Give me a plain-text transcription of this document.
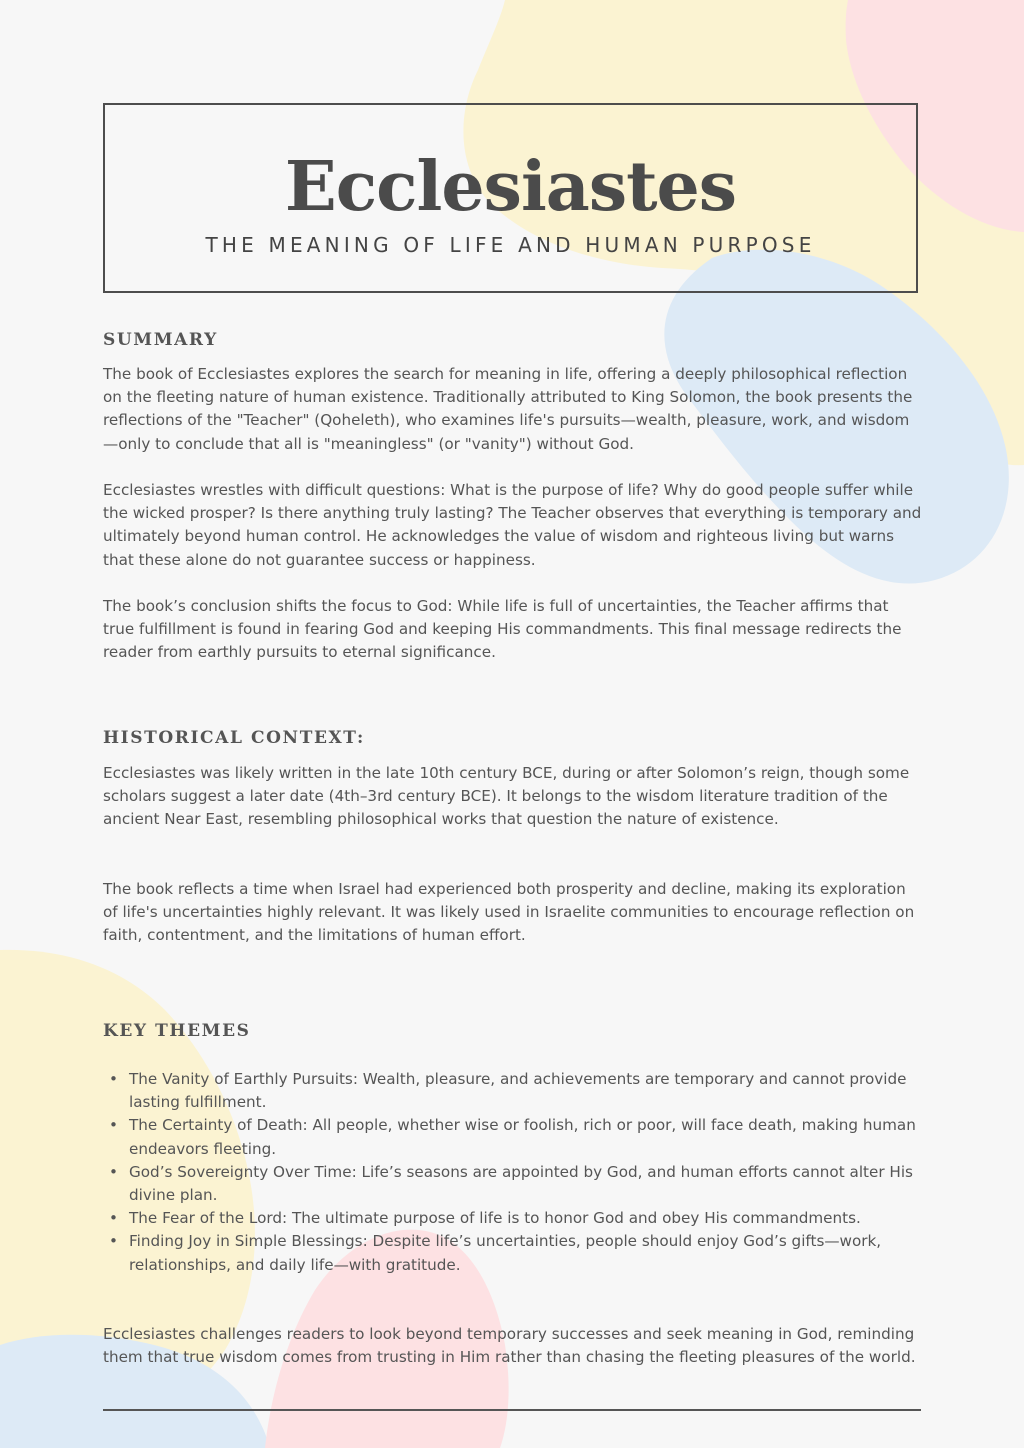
Ecclesiastes

THE MEANING OF LIFE AND HUMAN PURPOSE

SUMMARY

The book of Ecclesiastes explores the search for meaning in life, offering a deeply philosophical reflection on the fleeting nature of human existence. Traditionally attributed to King Solomon, the book presents the reflections of the "Teacher" (Qoheleth), who examines life's pursuits—wealth, pleasure, work, and wisdom—only to conclude that all is "meaningless" (or "vanity") without God.

Ecclesiastes wrestles with difficult questions: What is the purpose of life? Why do good people suffer while the wicked prosper? Is there anything truly lasting? The Teacher observes that everything is temporary and ultimately beyond human control. He acknowledges the value of wisdom and righteous living but warns that these alone do not guarantee success or happiness.

The book’s conclusion shifts the focus to God: While life is full of uncertainties, the Teacher affirms that true fulfillment is found in fearing God and keeping His commandments. This final message redirects the reader from earthly pursuits to eternal significance.

HISTORICAL CONTEXT:

Ecclesiastes was likely written in the late 10th century BCE, during or after Solomon’s reign, though some scholars suggest a later date (4th–3rd century BCE). It belongs to the wisdom literature tradition of the ancient Near East, resembling philosophical works that question the nature of existence.

The book reflects a time when Israel had experienced both prosperity and decline, making its exploration of life's uncertainties highly relevant. It was likely used in Israelite communities to encourage reflection on faith, contentment, and the limitations of human effort.

KEY THEMES
• The Vanity of Earthly Pursuits: Wealth, pleasure, and achievements are temporary and cannot provide lasting fulfillment.
• The Certainty of Death: All people, whether wise or foolish, rich or poor, will face death, making human endeavors fleeting.
• God’s Sovereignty Over Time: Life’s seasons are appointed by God, and human efforts cannot alter His divine plan.
• The Fear of the Lord: The ultimate purpose of life is to honor God and obey His commandments.
• Finding Joy in Simple Blessings: Despite life’s uncertainties, people should enjoy God’s gifts—work, relationships, and daily life—with gratitude.

Ecclesiastes challenges readers to look beyond temporary successes and seek meaning in God, reminding them that true wisdom comes from trusting in Him rather than chasing the fleeting pleasures of the world.
